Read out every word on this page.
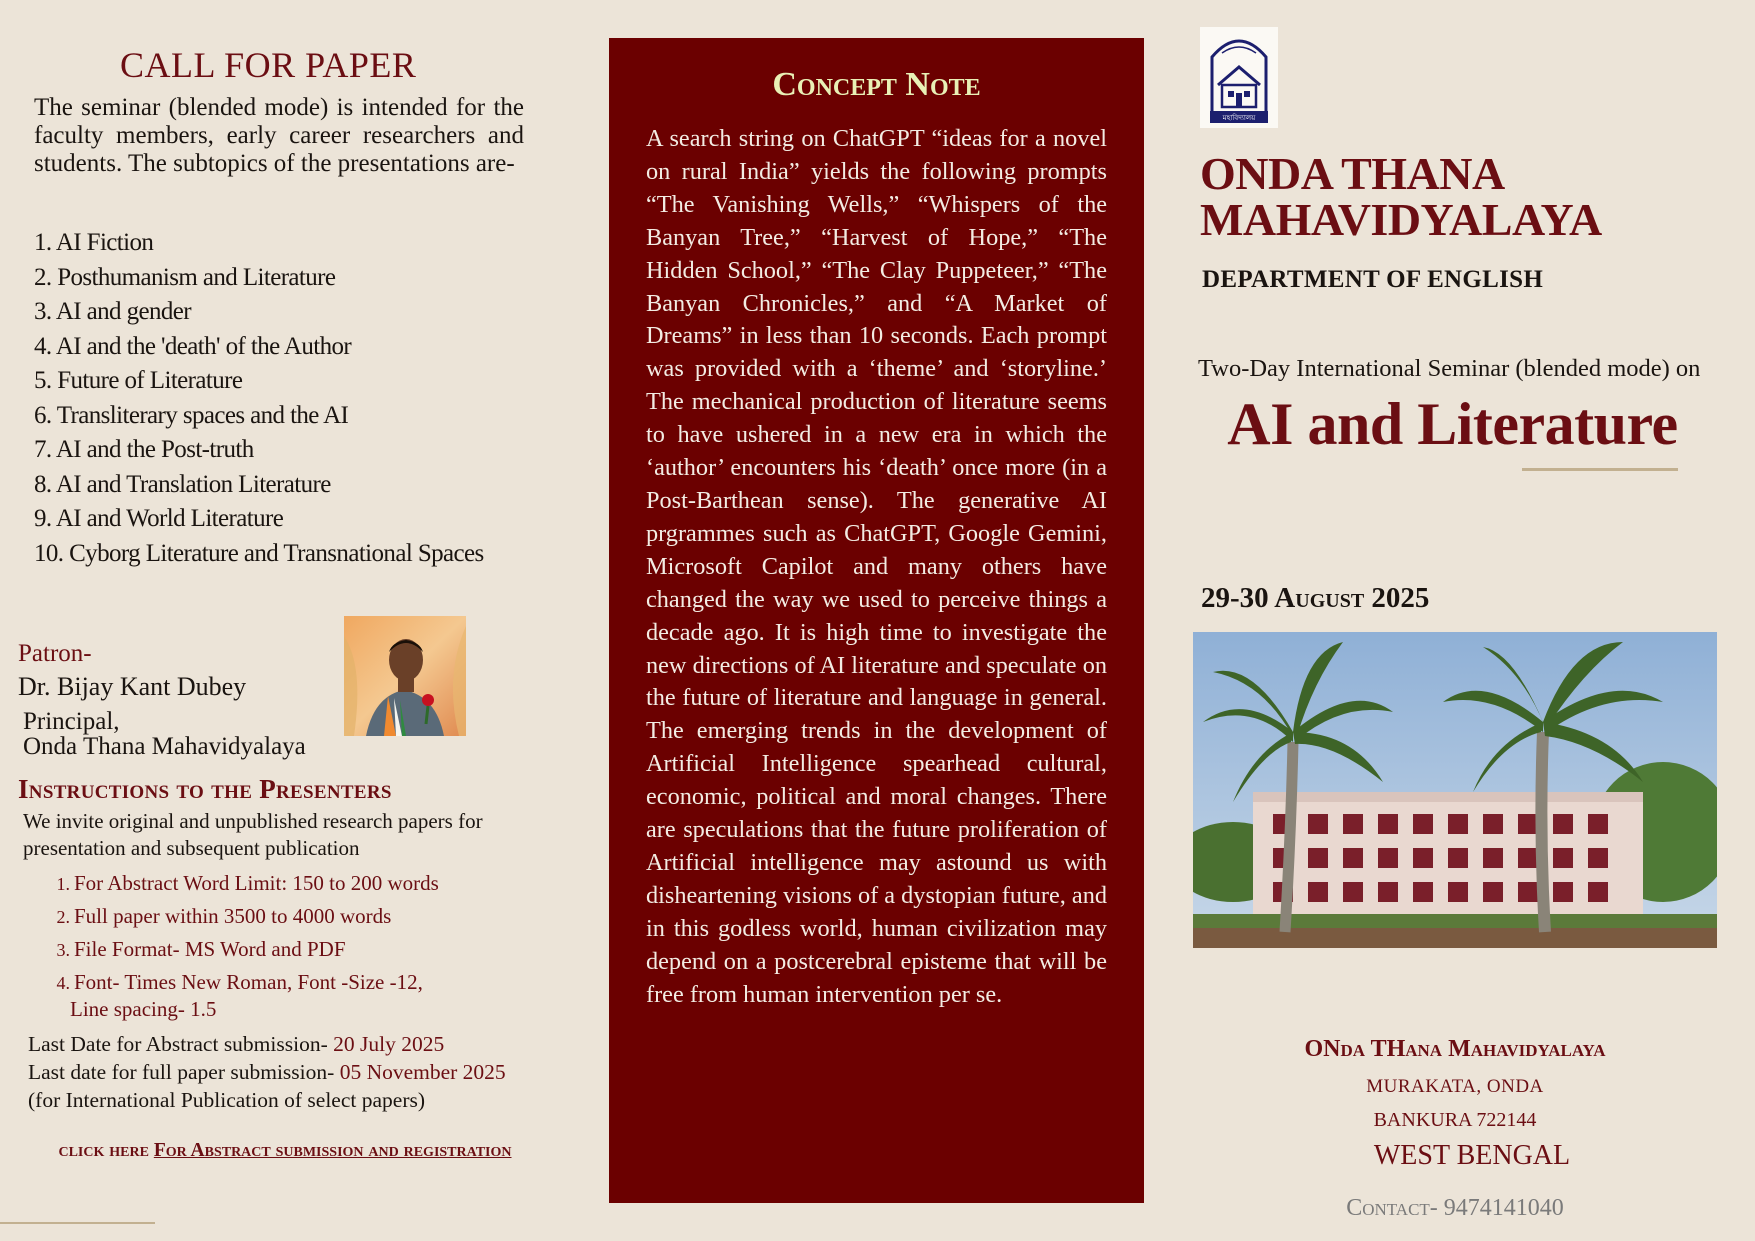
CALL FOR PAPER
The seminar (blended mode) is intended for the faculty members, early career researchers and students. The subtopics of the presentations are-
1. AI Fiction
2. Posthumanism and Literature
3. AI and gender
4. AI and the 'death' of the Author
5. Future of Literature
6. Transliterary spaces and the AI
7. AI and the Post-truth
8. AI and Translation Literature
9. AI and World Literature
10. Cyborg Literature and Transnational Spaces
Patron-
Dr. Bijay Kant Dubey
Principal,
Onda Thana Mahavidyalaya
Instructions to the Presenters
We invite original and unpublished research papers for presentation and subsequent publication
1. For Abstract Word Limit: 150 to 200 words
2. Full paper within 3500 to 4000 words
3. File Format- MS Word and PDF
4. Font- Times New Roman, Font -Size -12,
Line spacing- 1.5
Last Date for Abstract submission- 20 July 2025
Last date for full paper submission- 05 November 2025
(for International Publication of select papers)
click here For Abstract submission and registration
Concept Note
A search string on ChatGPT “ideas for a novel on rural India” yields the following prompts “The Vanishing Wells,” “Whispers of the Banyan Tree,” “Harvest of Hope,” “The Hidden School,” “The Clay Puppeteer,” “The Banyan Chronicles,” and “A Market of Dreams” in less than 10 seconds. Each prompt was provided with a ‘theme’ and ‘storyline.’ The mechanical production of literature seems to have ushered in a new era in which the ‘author’ encounters his ‘death’ once more (in a Post-Barthean sense). The generative AI prgrammes such as ChatGPT, Google Gemini, Microsoft Capilot and many others have changed the way we used to perceive things a decade ago. It is high time to investigate the new directions of AI literature and speculate on the future of literature and language in general. The emerging trends in the development of Artificial Intelligence spearhead cultural, economic, political and moral changes. There are speculations that the future proliferation of Artificial intelligence may astound us with disheartening visions of a dystopian future, and in this godless world, human civilization may depend on a postcerebral episteme that will be free from human intervention per se.
মহাবিদ্যালয়
ONDA THANA MAHAVIDYALAYA
DEPARTMENT OF ENGLISH
Two-Day International Seminar (blended mode) on
AI and Literature
29-30 August 2025
ONda THana Mahavidyalaya
MURAKATA, ONDA
BANKURA 722144
WEST BENGAL
Contact- 9474141040
